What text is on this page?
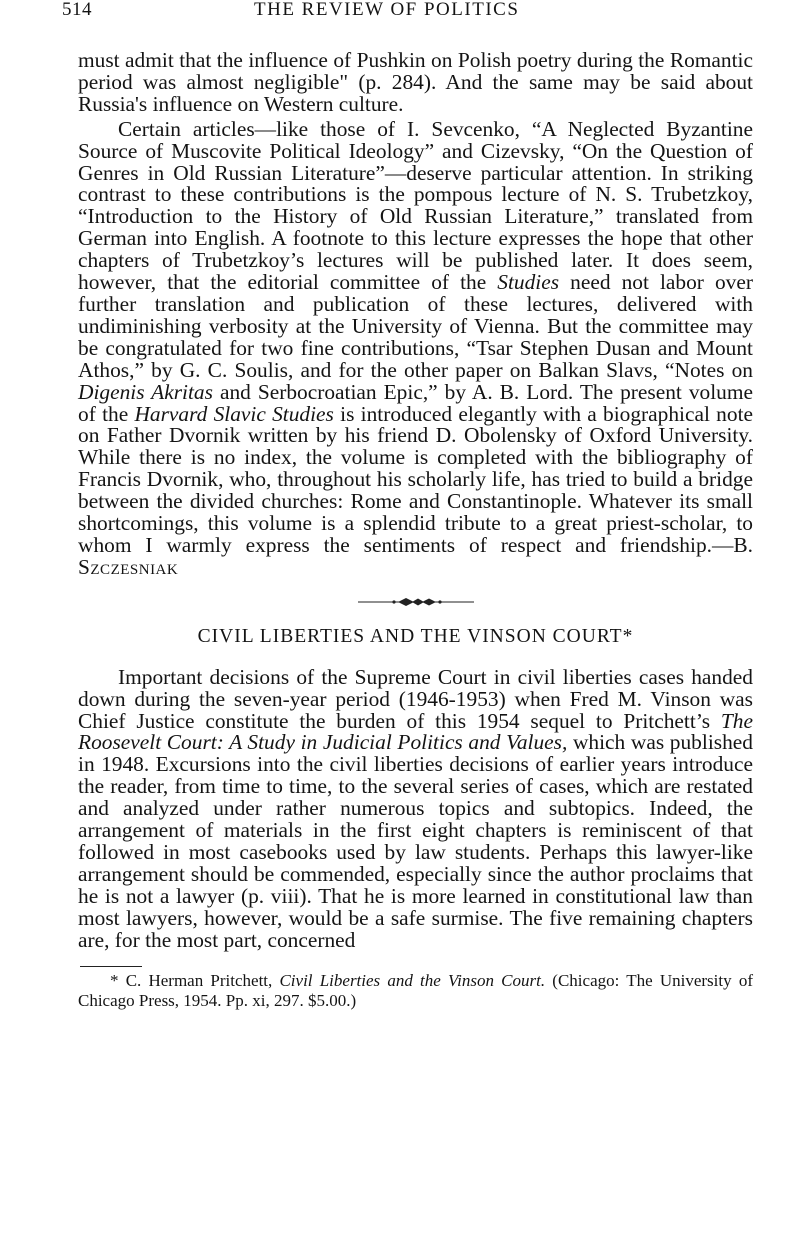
514	THE REVIEW OF POLITICS

must admit that the influence of Pushkin on Polish poetry during the Romantic period was almost negligible" (p. 284). And the same may be said about Russia's influence on Western culture.

Certain articles—like those of I. Sevcenko, “A Neglected Byzantine Source of Muscovite Political Ideology” and Cizevsky, “On the Question of Genres in Old Russian Literature”—deserve particular attention. In striking contrast to these contributions is the pompous lecture of N. S. Trubetzkoy, “Introduction to the History of Old Russian Literature,” translated from German into English. A footnote to this lecture expresses the hope that other chapters of Trubetzkoy’s lectures will be published later. It does seem, however, that the editorial committee of the Studies need not labor over further translation and publication of these lectures, delivered with undiminishing verbosity at the University of Vienna. But the committee may be congratulated for two fine contributions, “Tsar Stephen Dusan and Mount Athos,” by G. C. Soulis, and for the other paper on Balkan Slavs, “Notes on Digenis Akritas and Serbocroatian Epic,” by A. B. Lord. The present volume of the Harvard Slavic Studies is introduced elegantly with a biographical note on Father Dvornik written by his friend D. Obolensky of Oxford University. While there is no index, the volume is completed with the bibliography of Francis Dvornik, who, throughout his scholarly life, has tried to build a bridge between the divided churches: Rome and Constantinople. Whatever its small shortcomings, this volume is a splendid tribute to a great priest-scholar, to whom I warmly express the sentiments of respect and friendship.—B. Szczesniak

CIVIL LIBERTIES AND THE VINSON COURT*

Important decisions of the Supreme Court in civil liberties cases handed down during the seven-year period (1946-1953) when Fred M. Vinson was Chief Justice constitute the burden of this 1954 sequel to Pritchett’s The Roosevelt Court: A Study in Judicial Politics and Values, which was published in 1948. Excursions into the civil liberties decisions of earlier years introduce the reader, from time to time, to the several series of cases, which are restated and analyzed under rather numerous topics and subtopics. Indeed, the arrangement of materials in the first eight chapters is reminiscent of that followed in most casebooks used by law students. Perhaps this lawyer-like arrangement should be commended, especially since the author proclaims that he is not a lawyer (p. viii). That he is more learned in constitutional law than most lawyers, however, would be a safe surmise. The five remaining chapters are, for the most part, concerned

* C. Herman Pritchett, Civil Liberties and the Vinson Court. (Chicago: The University of Chicago Press, 1954. Pp. xi, 297. $5.00.)
